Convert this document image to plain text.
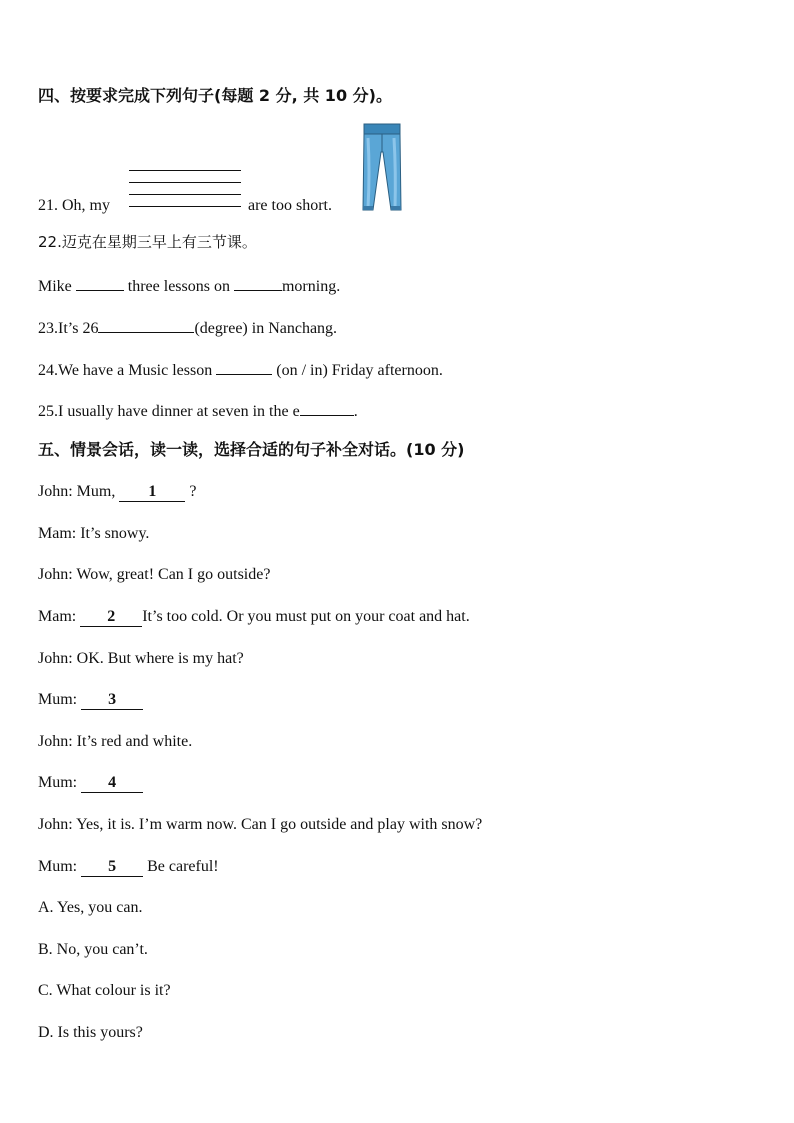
四、按要求完成下列句子(每题 2 分, 共 10 分)。
21. Oh, my	are too short.
22.迈克在星期三早上有三节课。
Mike	three lessons on	morning.
23.It’s 26	(degree) in Nanchang.
24.We have a Music lesson	(on / in) Friday afternoon.
25.I usually have dinner at seven in the e	.
五、情景会话，读一读，选择合适的句子补全对话。(10 分)
John: Mum, 1 ?
Mam: It’s snowy.
John: Wow, great! Can I go outside?
Mam: 2 It’s too cold. Or you must put on your coat and hat.
John: OK. But where is my hat?
Mum: 3
John: It’s red and white.
Mum: 4
John: Yes, it is. I’m warm now. Can I go outside and play with snow?
Mum: 5 Be careful!
A. Yes, you can.
B. No, you can’t.
C. What colour is it?
D. Is this yours?
